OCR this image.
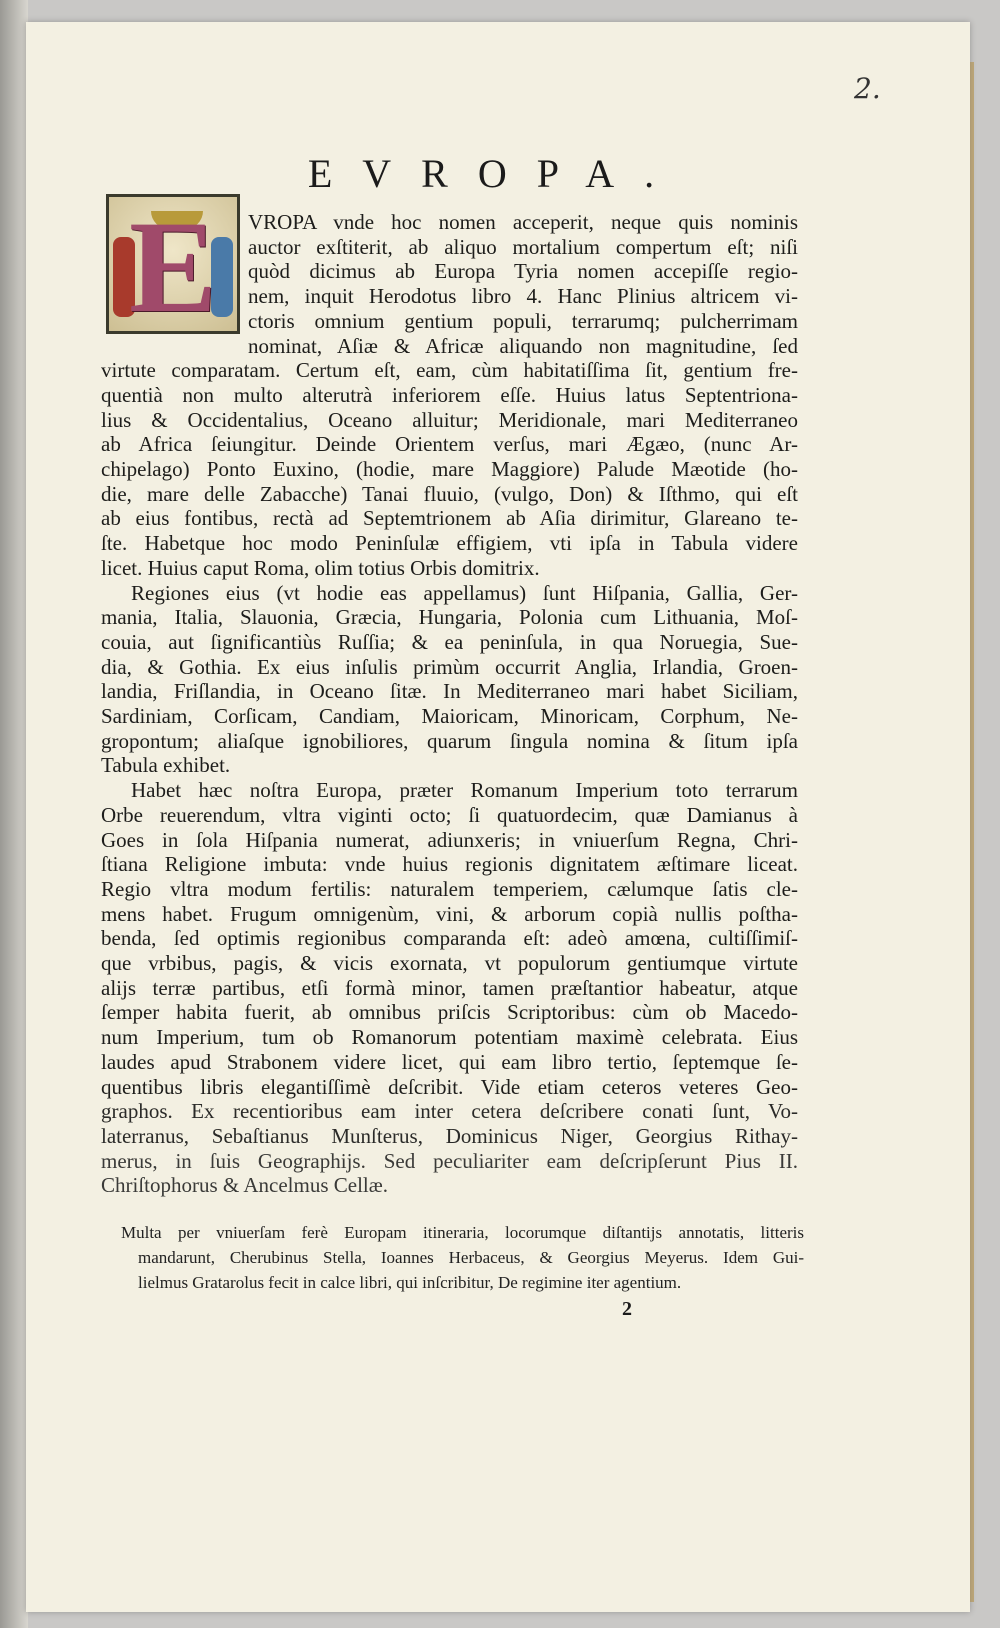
2.
EVROPA.
E	VROPA vnde hoc nomen acceperit, neque quis nominis
auctor exſtiterit, ab aliquo mortalium compertum eſt; niſi
quòd dicimus ab Europa Tyria nomen accepiſſe regio-
nem, inquit Herodotus libro 4. Hanc Plinius altricem vi-
ctoris omnium gentium populi, terrarumq; pulcherrimam
nominat, Aſiæ & Africæ aliquando non magnitudine, ſed
virtute comparatam. Certum eſt, eam, cùm habitatiſſima ſit, gentium fre-
quentià non multo alterutrà inferiorem eſſe. Huius latus Septentriona-
lius & Occidentalius, Oceano alluitur; Meridionale, mari Mediterraneo
ab Africa ſeiungitur. Deinde Orientem verſus, mari Ægæo, (nunc Ar-
chipelago) Ponto Euxino, (hodie, mare Maggiore) Palude Mæotide (ho-
die, mare delle Zabacche) Tanai fluuio, (vulgo, Don) & Iſthmo, qui eſt
ab eius fontibus, rectà ad Septemtrionem ab Aſia dirimitur, Glareano te-
ſte. Habetque hoc modo Peninſulæ effigiem, vti ipſa in Tabula videre
licet. Huius caput Roma, olim totius Orbis domitrix.
Regiones eius (vt hodie eas appellamus) ſunt Hiſpania, Gallia, Ger-
mania, Italia, Slauonia, Græcia, Hungaria, Polonia cum Lithuania, Moſ-
couia, aut ſignificantiùs Ruſſia; & ea peninſula, in qua Noruegia, Sue-
dia, & Gothia. Ex eius inſulis primùm occurrit Anglia, Irlandia, Groen-
landia, Friſlandia, in Oceano ſitæ. In Mediterraneo mari habet Siciliam,
Sardiniam, Corſicam, Candiam, Maioricam, Minoricam, Corphum, Ne-
gropontum; aliaſque ignobiliores, quarum ſingula nomina & ſitum ipſa
Tabula exhibet.
Habet hæc noſtra Europa, præter Romanum Imperium toto terrarum
Orbe reuerendum, vltra viginti octo; ſi quatuordecim, quæ Damianus à
Goes in ſola Hiſpania numerat, adiunxeris; in vniuerſum Regna, Chri-
ſtiana Religione imbuta: vnde huius regionis dignitatem æſtimare liceat.
Regio vltra modum fertilis: naturalem temperiem, cælumque ſatis cle-
mens habet. Frugum omnigenùm, vini, & arborum copià nullis poſtha-
benda, ſed optimis regionibus comparanda eſt: adeò amœna, cultiſſimiſ-
que vrbibus, pagis, & vicis exornata, vt populorum gentiumque virtute
alijs terræ partibus, etſi formà minor, tamen præſtantior habeatur, atque
ſemper habita fuerit, ab omnibus priſcis Scriptoribus: cùm ob Macedo-
num Imperium, tum ob Romanorum potentiam maximè celebrata. Eius
laudes apud Strabonem videre licet, qui eam libro tertio, ſeptemque ſe-
quentibus libris elegantiſſimè deſcribit. Vide etiam ceteros veteres Geo-
graphos. Ex recentioribus eam inter cetera deſcribere conati ſunt, Vo-
laterranus, Sebaſtianus Munſterus, Dominicus Niger, Georgius Rithay-
merus, in ſuis Geographijs. Sed peculiariter eam deſcripſerunt Pius II.
Chriſtophorus & Ancelmus Cellæ.
Multa per vniuerſam ferè Europam itineraria, locorumque diſtantijs annotatis, litteris
mandarunt, Cherubinus Stella, Ioannes Herbaceus, & Georgius Meyerus. Idem Gui-
lielmus Gratarolus fecit in calce libri, qui inſcribitur, De regimine iter agentium.
2
